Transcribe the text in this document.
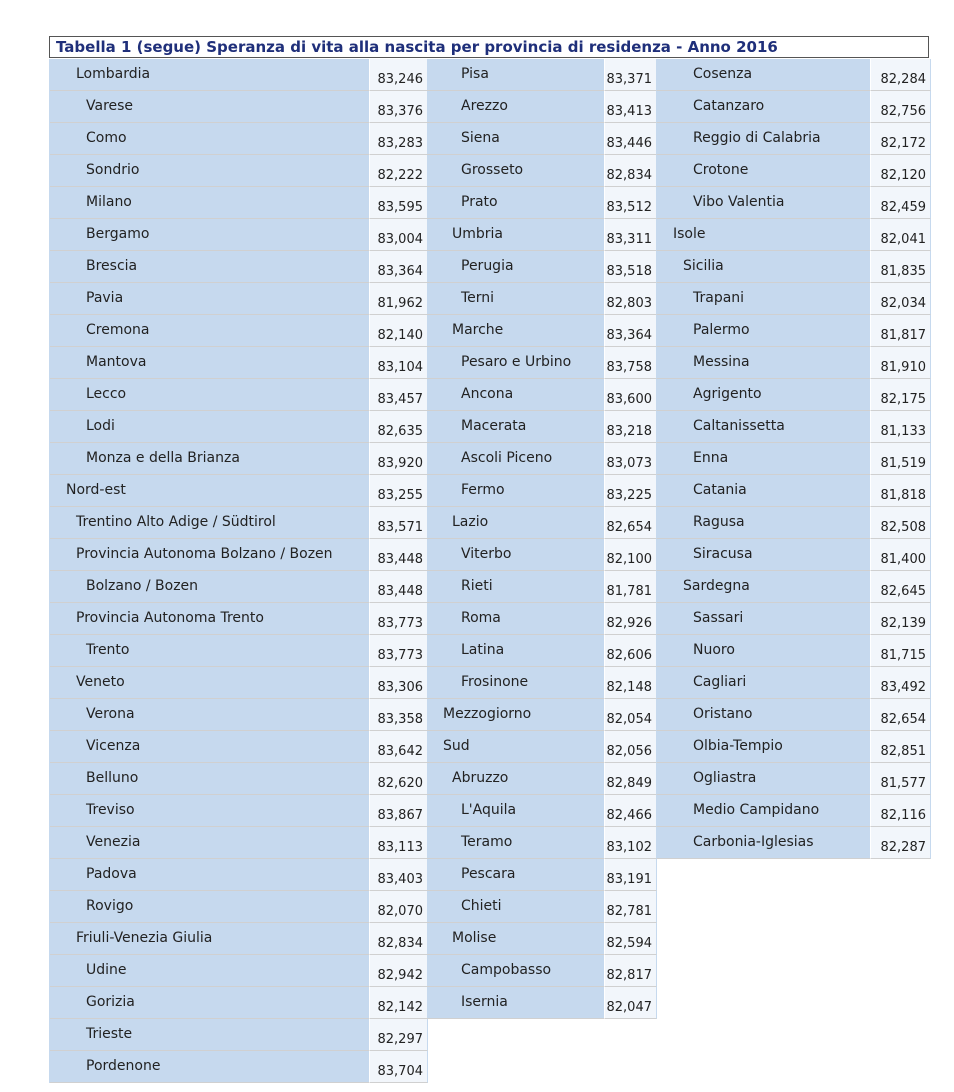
Tabella 1 (segue) Speranza di vita alla nascita per provincia di residenza - Anno 2016
Lombardia	83,246
Varese	83,376
Como	83,283
Sondrio	82,222
Milano	83,595
Bergamo	83,004
Brescia	83,364
Pavia	81,962
Cremona	82,140
Mantova	83,104
Lecco	83,457
Lodi	82,635
Monza e della Brianza	83,920
Nord-est	83,255
Trentino Alto Adige / Südtirol	83,571
Provincia Autonoma Bolzano / Bozen	83,448
Bolzano / Bozen	83,448
Provincia Autonoma Trento	83,773
Trento	83,773
Veneto	83,306
Verona	83,358
Vicenza	83,642
Belluno	82,620
Treviso	83,867
Venezia	83,113
Padova	83,403
Rovigo	82,070
Friuli-Venezia Giulia	82,834
Udine	82,942
Gorizia	82,142
Trieste	82,297
Pordenone	83,704
Pisa	83,371
Arezzo	83,413
Siena	83,446
Grosseto	82,834
Prato	83,512
Umbria	83,311
Perugia	83,518
Terni	82,803
Marche	83,364
Pesaro e Urbino	83,758
Ancona	83,600
Macerata	83,218
Ascoli Piceno	83,073
Fermo	83,225
Lazio	82,654
Viterbo	82,100
Rieti	81,781
Roma	82,926
Latina	82,606
Frosinone	82,148
Mezzogiorno	82,054
Sud	82,056
Abruzzo	82,849
L'Aquila	82,466
Teramo	83,102
Pescara	83,191
Chieti	82,781
Molise	82,594
Campobasso	82,817
Isernia	82,047
Cosenza	82,284
Catanzaro	82,756
Reggio di Calabria	82,172
Crotone	82,120
Vibo Valentia	82,459
Isole	82,041
Sicilia	81,835
Trapani	82,034
Palermo	81,817
Messina	81,910
Agrigento	82,175
Caltanissetta	81,133
Enna	81,519
Catania	81,818
Ragusa	82,508
Siracusa	81,400
Sardegna	82,645
Sassari	82,139
Nuoro	81,715
Cagliari	83,492
Oristano	82,654
Olbia-Tempio	82,851
Ogliastra	81,577
Medio Campidano	82,116
Carbonia-Iglesias	82,287
